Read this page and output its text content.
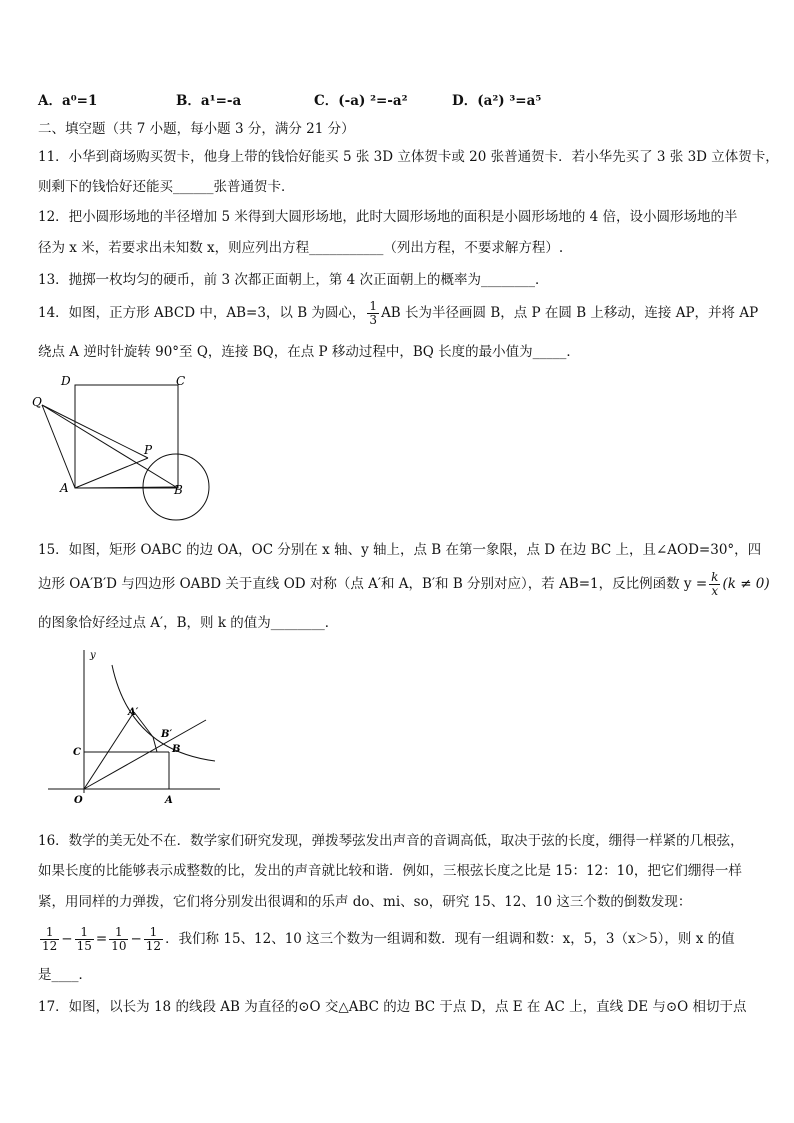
A．a⁰=1	B．a¹=-a	C．(-a) ²=-a²	D．(a²) ³=a⁵
二、填空题（共 7 小题，每小题 3 分，满分 21 分）
11．小华到商场购买贺卡，他身上带的钱恰好能买 5 张 3D 立体贺卡或 20 张普通贺卡．若小华先买了 3 张 3D 立体贺卡，
则剩下的钱恰好还能买______张普通贺卡．
12．把小圆形场地的半径增加 5 米得到大圆形场地，此时大圆形场地的面积是小圆形场地的 4 倍，设小圆形场地的半
径为 x 米，若要求出未知数 x，则应列出方程___________（列出方程，不要求解方程）.
13．抛掷一枚均匀的硬币，前 3 次都正面朝上，第 4 次正面朝上的概率为________．
14．如图，正方形 ABCD 中，AB=3，以 B 为圆心， $\frac{1}{3}$ AB 长为半径画圆 B，点 P 在圆 B 上移动，连接 AP，并将 AP
绕点 A 逆时针旋转 90°至 Q，连接 BQ，在点 P 移动过程中，BQ 长度的最小值为_____．
D	C
Q
P
A	B
15．如图，矩形 OABC 的边 OA，OC 分别在 x 轴、y 轴上，点 B 在第一象限，点 D 在边 BC 上，且∠AOD=30°，四
边形 OA′B′D 与四边形 OABD 关于直线 OD 对称（点 A′和 A，B′和 B 分别对应），若 AB=1，反比例函数 $y = \frac{k}{x} (k \ne 0)$
的图象恰好经过点 A′，B，则 k 的值为________．
y
A′
B′
B
C
O	A
16．数学的美无处不在．数学家们研究发现，弹拨琴弦发出声音的音调高低，取决于弦的长度，绷得一样紧的几根弦，
如果长度的比能够表示成整数的比，发出的声音就比较和谐．例如，三根弦长度之比是 15：12：10，把它们绷得一样
紧，用同样的力弹拨，它们将分别发出很调和的乐声 do、mi、so，研究 15、12、10 这三个数的倒数发现：
$\frac{1}{12} - \frac{1}{15} = \frac{1}{10} - \frac{1}{12}$ ．我们称 15、12、10 这三个数为一组调和数．现有一组调和数：x，5，3（x＞5），则 x 的值
是____．
17．如图，以长为 18 的线段 AB 为直径的⊙O 交△ABC 的边 BC 于点 D，点 E 在 AC 上，直线 DE 与⊙O 相切于点
